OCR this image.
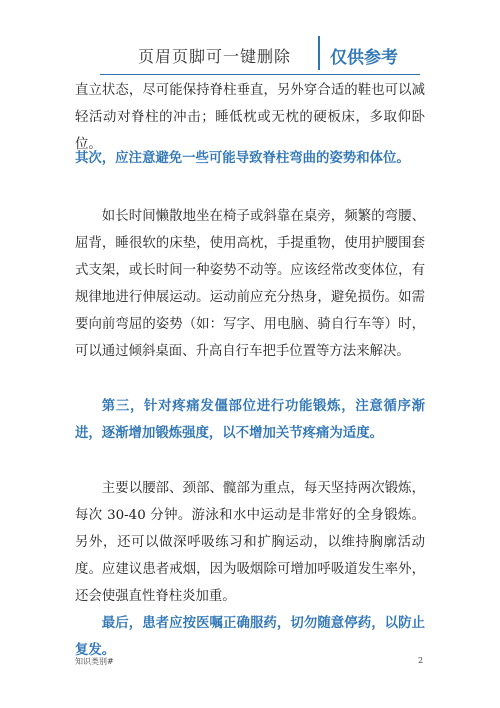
页眉页脚可一键删除 仅供参考

直立状态，尽可能保持脊柱垂直，另外穿合适的鞋也可以减轻活动对脊柱的冲击；睡低枕或无枕的硬板床，多取仰卧位。

其次，应注意避免一些可能导致脊柱弯曲的姿势和体位。

如长时间懒散地坐在椅子或斜靠在桌旁，频繁的弯腰、屈背，睡很软的床垫，使用高枕，手提重物，使用护腰围套式支架，或长时间一种姿势不动等。应该经常改变体位，有规律地进行伸展运动。运动前应充分热身，避免损伤。如需要向前弯屈的姿势（如：写字、用电脑、骑自行车等）时，可以通过倾斜桌面、升高自行车把手位置等方法来解决。

第三，针对疼痛发僵部位进行功能锻炼，注意循序渐进，逐渐增加锻炼强度，以不增加关节疼痛为适度。

主要以腰部、颈部、髋部为重点，每天坚持两次锻炼，每次 30-40 分钟。游泳和水中运动是非常好的全身锻炼。另外，还可以做深呼吸练习和扩胸运动，以维持胸廓活动度。应建议患者戒烟，因为吸烟除可增加呼吸道发生率外，还会使强直性脊柱炎加重。

最后，患者应按医嘱正确服药，切勿随意停药，以防止复发。

知识类别#	2
